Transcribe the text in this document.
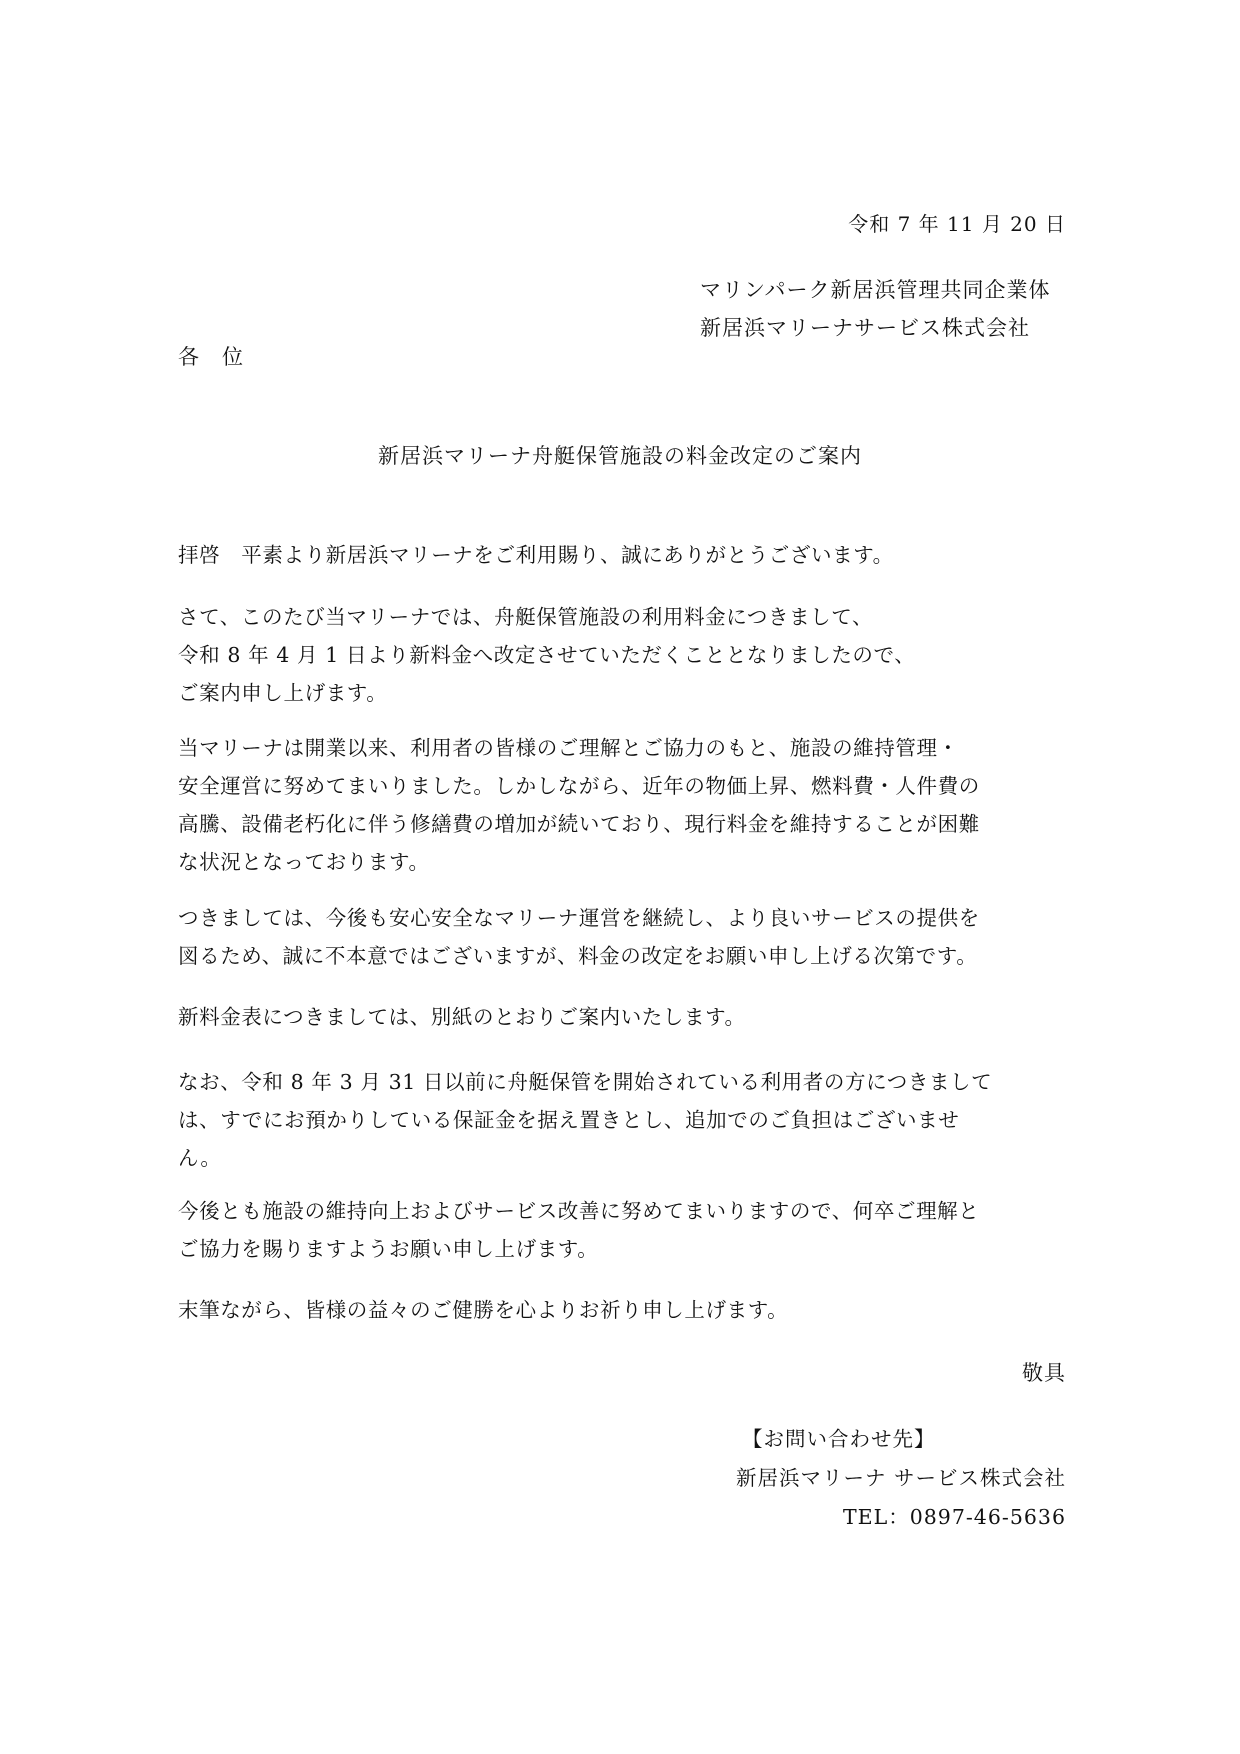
令和 7 年 11 月 20 日
マリンパーク新居浜管理共同企業体
新居浜マリーナサービス株式会社
各　位
新居浜マリーナ舟艇保管施設の料金改定のご案内
拝啓　平素より新居浜マリーナをご利用賜り、誠にありがとうございます。
さて、このたび当マリーナでは、舟艇保管施設の利用料金につきまして、
令和 8 年 4 月 1 日より新料金へ改定させていただくこととなりましたので、
ご案内申し上げます。
当マリーナは開業以来、利用者の皆様のご理解とご協力のもと、施設の維持管理・
安全運営に努めてまいりました。しかしながら、近年の物価上昇、燃料費・人件費の
高騰、設備老朽化に伴う修繕費の増加が続いており、現行料金を維持することが困難
な状況となっております。
つきましては、今後も安心安全なマリーナ運営を継続し、より良いサービスの提供を
図るため、誠に不本意ではございますが、料金の改定をお願い申し上げる次第です。
新料金表につきましては、別紙のとおりご案内いたします。
なお、令和 8 年 3 月 31 日以前に舟艇保管を開始されている利用者の方につきまして
は、すでにお預かりしている保証金を据え置きとし、追加でのご負担はございませ
ん。
今後とも施設の維持向上およびサービス改善に努めてまいりますので、何卒ご理解と
ご協力を賜りますようお願い申し上げます。
末筆ながら、皆様の益々のご健勝を心よりお祈り申し上げます。
敬具
【お問い合わせ先】
新居浜マリーナ サービス株式会社
TEL：0897-46-5636
